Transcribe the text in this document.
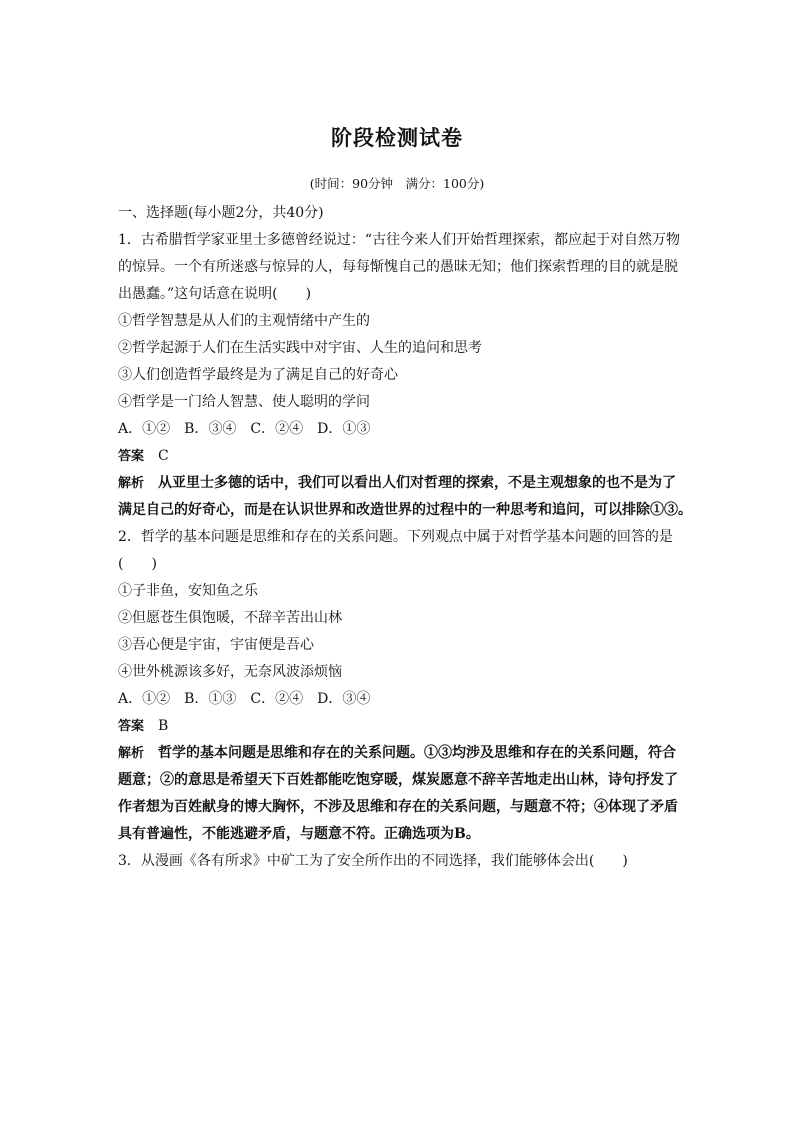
阶段检测试卷
(时间：90分钟　满分：100分)
一、选择题(每小题2分，共40分)
1．古希腊哲学家亚里士多德曾经说过：“古往今来人们开始哲理探索，都应起于对自然万物
的惊异。一个有所迷惑与惊异的人，每每惭愧自己的愚昧无知；他们探索哲理的目的就是脱
出愚蠢。”这句话意在说明(　　)
①哲学智慧是从人们的主观情绪中产生的
②哲学起源于人们在生活实践中对宇宙、人生的追问和思考
③人们创造哲学最终是为了满足自己的好奇心
④哲学是一门给人智慧、使人聪明的学问
A．①②　B．③④　C．②④　D．①③
答案 C
解析 从亚里士多德的话中，我们可以看出人们对哲理的探索，不是主观想象的也不是为了
满足自己的好奇心，而是在认识世界和改造世界的过程中的一种思考和追问，可以排除①③。
2．哲学的基本问题是思维和存在的关系问题。下列观点中属于对哲学基本问题的回答的是
(　　)
①子非鱼，安知鱼之乐
②但愿苍生俱饱暖，不辞辛苦出山林
③吾心便是宇宙，宇宙便是吾心
④世外桃源该多好，无奈风波添烦恼
A．①②　B．①③　C．②④　D．③④
答案 B
解析 哲学的基本问题是思维和存在的关系问题。①③均涉及思维和存在的关系问题，符合
题意；②的意思是希望天下百姓都能吃饱穿暖，煤炭愿意不辞辛苦地走出山林，诗句抒发了
作者想为百姓献身的博大胸怀，不涉及思维和存在的关系问题，与题意不符；④体现了矛盾
具有普遍性，不能逃避矛盾，与题意不符。正确选项为B。
3．从漫画《各有所求》中矿工为了安全所作出的不同选择，我们能够体会出(　　)
